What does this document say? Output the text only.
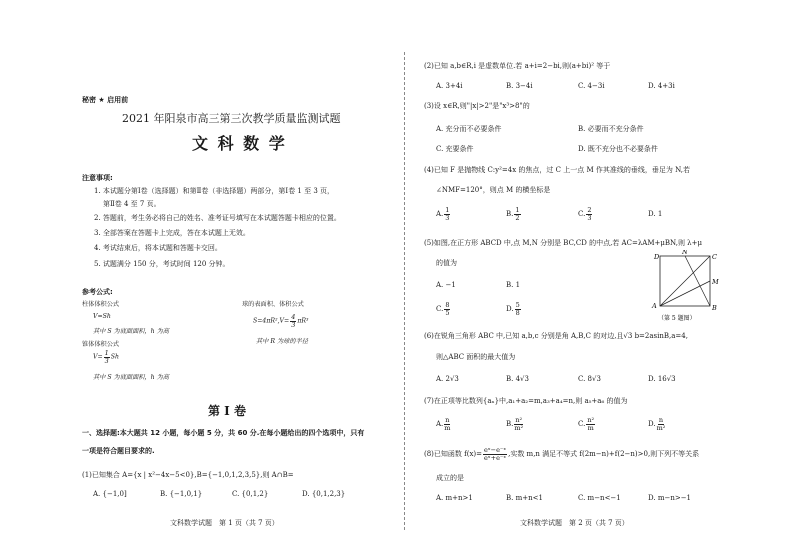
秘密 ★ 启用前
2021 年阳泉市高三第三次教学质量监测试题
文 科 数 学
注意事项:
1. 本试题分第Ⅰ卷（选择题）和第Ⅱ卷（非选择题）两部分，第Ⅰ卷 1 至 3 页，
第Ⅱ卷 4 至 7 页。
2. 答题前，考生务必将自己的姓名、准考证号填写在本试题答题卡相应的位置。
3. 全部答案在答题卡上完成，答在本试题上无效。
4. 考试结束后，将本试题和答题卡交回。
5. 试题满分 150 分，考试时间 120 分钟。
参考公式:
柱体体积公式
V=Sh
其中 S 为底面面积，h 为高
球的表面积、体积公式
$S=4\pi R^2,V= \frac{4}{3} \pi R^3$
其中 R 为球的半径
锥体体积公式
$V= \frac{1}{3}$ Sh
其中 S 为底面面积，h 为高
第 Ⅰ 卷
一、选择题:本大题共 12 小题，每小题 5 分，共 60 分.在每小题给出的四个选项中，只有
一项是符合题目要求的.
(1)已知集合 A={x | x²−4x−5<0},B={−1,0,1,2,3,5},则 A∩B=
A. {−1,0]	B. {−1,0,1}	C. {0,1,2}	D. {0,1,2,3}
文科数学试题　第 1 页（共 7 页）
(2)已知 a,b∈R,i 是虚数单位.若 a+i=2−bi,则(a+bi)² 等于
A. 3+4i	B. 3−4i	C. 4−3i	D. 4+3i
(3)设 x∈R,则"|x|>2"是"x³>8"的
A. 充分而不必要条件	B. 必要而不充分条件
C. 充要条件	D. 既不充分也不必要条件
(4)已知 F 是抛物线 C:y²=4x 的焦点，过 C 上一点 M 作其准线的垂线，垂足为 N,若
∠NMF=120°，则点 M 的横坐标是
A. $\frac{1}{3}$	B. $\frac{1}{2}$	C. $\frac{2}{3}$	D. 1
(5)如图,在正方形 ABCD 中,点 M,N 分别是 BC,CD 的中点,若 AC=λAM+μBN,则 λ+μ
的值为
A. −1	B. 1
C. $\frac{8}{5}$	D. $\frac{5}{8}$	A	B
C
D
M
N
（第 5 题图）
(6)在锐角三角形 ABC 中,已知 a,b,c 分别是角 A,B,C 的对边,且√3 b=2asinB,a=4,
则△ABC 面积的最大值为
A. 2√3	B. 4√3	C. 8√3	D. 16√3
(7)在正项等比数列{aₙ}中,a₁+a₂=m,a₃+a₄=n,则 a₅+a₆ 的值为
A. $\frac{n}{m}$	B. $\frac{\text{n²}}{\text{m²}}$	C. $\frac{\text{n²}}{m}$	D. $\frac{n}{\text{m²}}$
(8)已知函数 $f(x)= \frac{\text{eˣ−e⁻ˣ}}{\text{eˣ+e⁻ˣ}}$ ,实数 m,n 满足不等式 f(2m−n)+f(2−n)>0,则下列不等关系
成立的是
A. m+n>1	B. m+n<1	C. m−n<−1	D. m−n>−1
文科数学试题　第 2 页（共 7 页）
